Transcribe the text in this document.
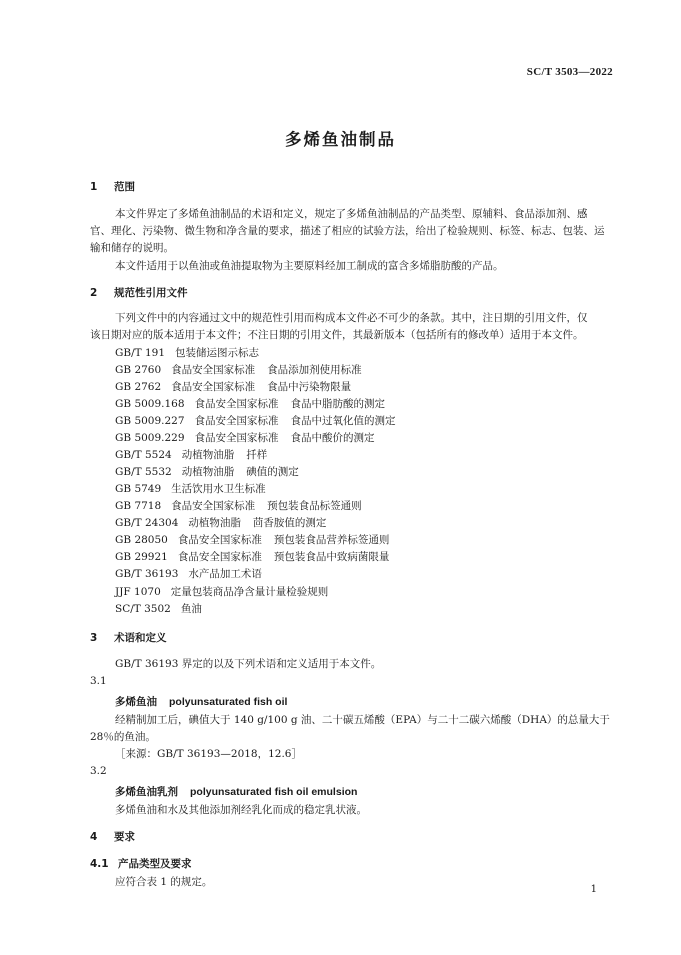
SC/T 3503—2022
多烯鱼油制品
1 范围
本文件界定了多烯鱼油制品的术语和定义，规定了多烯鱼油制品的产品类型、原辅料、食品添加剂、感
官、理化、污染物、微生物和净含量的要求，描述了相应的试验方法，给出了检验规则、标签、标志、包装、运
输和储存的说明。
本文件适用于以鱼油或鱼油提取物为主要原料经加工制成的富含多烯脂肪酸的产品。
2 规范性引用文件
下列文件中的内容通过文中的规范性引用而构成本文件必不可少的条款。其中，注日期的引用文件，仅
该日期对应的版本适用于本文件；不注日期的引用文件，其最新版本（包括所有的修改单）适用于本文件。
GB/T 191 包装储运图示标志
GB 2760 食品安全国家标准 食品添加剂使用标准
GB 2762 食品安全国家标准 食品中污染物限量
GB 5009.168 食品安全国家标准 食品中脂肪酸的测定
GB 5009.227 食品安全国家标准 食品中过氧化值的测定
GB 5009.229 食品安全国家标准 食品中酸价的测定
GB/T 5524 动植物油脂 扦样
GB/T 5532 动植物油脂 碘值的测定
GB 5749 生活饮用水卫生标准
GB 7718 食品安全国家标准 预包装食品标签通则
GB/T 24304 动植物油脂 茴香胺值的测定
GB 28050 食品安全国家标准 预包装食品营养标签通则
GB 29921 食品安全国家标准 预包装食品中致病菌限量
GB/T 36193 水产品加工术语
JJF 1070 定量包装商品净含量计量检验规则
SC/T 3502 鱼油
3 术语和定义
GB/T 36193 界定的以及下列术语和定义适用于本文件。
3.1
多烯鱼油 polyunsaturated fish oil
经精制加工后，碘值大于 140 g/100 g 油、二十碳五烯酸（EPA）与二十二碳六烯酸（DHA）的总量大于
28％的鱼油。
［来源：GB/T 36193—2018，12.6］
3.2
多烯鱼油乳剂 polyunsaturated fish oil emulsion
多烯鱼油和水及其他添加剂经乳化而成的稳定乳状液。
4 要求
4.1 产品类型及要求
应符合表 1 的规定。
1
